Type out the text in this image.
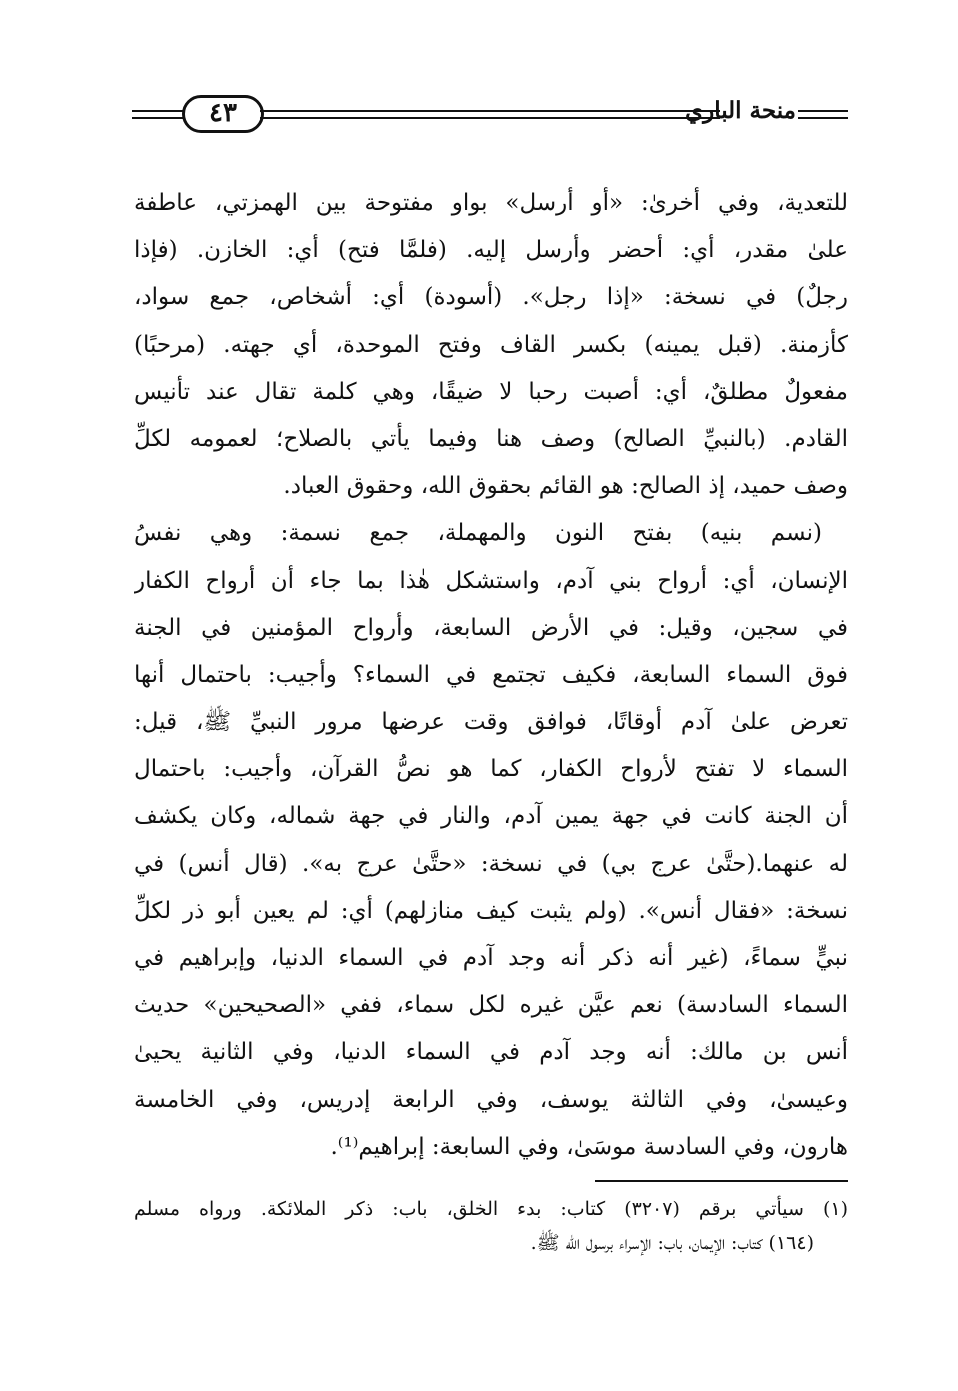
٤٣	منحة الباري
للتعدية، وفي أخرىٰ: «أو أرسل» بواو مفتوحة بين الهمزتي، عاطفة
علىٰ مقدر، أي: أحضر وأرسل إليه. (فلمَّا فتح) أي: الخازن. (فإذا
رجلٌ) في نسخة: «إذا رجل». (أسودة) أي: أشخاص، جمع سواد،
كأزمنة. (قبل يمينه) بكسر القاف وفتح الموحدة، أي جهته. (مرحبًا)
مفعولٌ مطلقٌ، أي: أصبت رحبا لا ضيقًا، وهي كلمة تقال عند تأنيس
القادم. (بالنبيِّ الصالح) وصف هنا وفيما يأتي بالصلاح؛ لعمومه لكلِّ
وصف حميد، إذ الصالح: هو القائم بحقوق الله، وحقوق العباد.
(نسم بنيه) بفتح النون والمهملة، جمع نسمة: وهي نفسُ
الإنسان، أي: أرواح بني آدم، واستشكل هٰذا بما جاء أن أرواح الكفار
في سجين، وقيل: في الأرض السابعة، وأرواح المؤمنين في الجنة
فوق السماء السابعة، فكيف تجتمع في السماء؟ وأجيب: باحتمال أنها
تعرض علىٰ آدم أوقاتًا، فوافق وقت عرضها مرور النبيِّ ﷺ، قيل:
السماء لا تفتح لأرواح الكفار، كما هو نصُّ القرآن، وأجيب: باحتمال
أن الجنة كانت في جهة يمين آدم، والنار في جهة شماله، وكان يكشف
له عنهما.(حتَّىٰ عرج بي) في نسخة: «حتَّىٰ عرج به». (قال أنس) في
نسخة: «فقال أنس». (ولم يثبت كيف منازلهم) أي: لم يعين أبو ذر لكلِّ
نبيٍّ سماءً، (غير أنه ذكر أنه وجد آدم في السماء الدنيا، وإبراهيم في
السماء السادسة) نعم عيَّن غيره لكل سماء، ففي «الصحيحين» حديث
أنس بن مالك: أنه وجد آدم في السماء الدنيا، وفي الثانية يحيىٰ
وعيسىٰ، وفي الثالثة يوسف، وفي الرابعة إدريس، وفي الخامسة
هارون، وفي السادسة موسَىٰ، وفي السابعة: إبراهيم⁽¹⁾.
(١) سيأتي برقم (٣٢٠٧) كتاب: بدء الخلق، باب: ذكر الملائكة. ورواه مسلم
(١٦٤) كتاب: الإيمان، باب: الإسراء برسول الله ﷺ.
